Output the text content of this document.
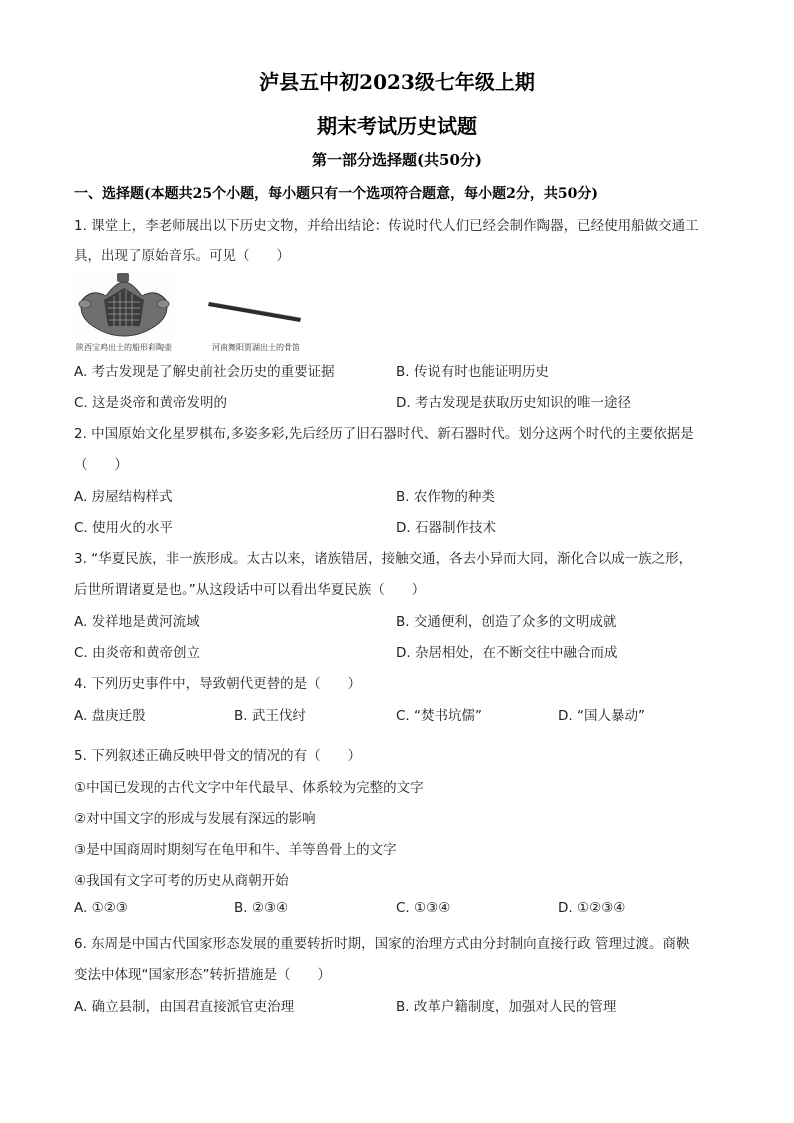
泸县五中初2023级七年级上期
期末考试历史试题
第一部分选择题(共50分)
一、选择题(本题共25个小题，每小题只有一个选项符合题意，每小题2分，共50分)
1. 课堂上，李老师展出以下历史文物，并给出结论：传说时代人们已经会制作陶器，已经使用船做交通工
具，出现了原始音乐。可见（　　）
陕西宝鸡出土的船形彩陶壶	河南舞阳贾湖出土的骨笛
A. 考古发现是了解史前社会历史的重要证据	B. 传说有时也能证明历史
C. 这是炎帝和黄帝发明的	D. 考古发现是获取历史知识的唯一途径
2. 中国原始文化星罗棋布,多姿多彩,先后经历了旧石器时代、新石器时代。划分这两个时代的主要依据是
（　　）
A. 房屋结构样式	B. 农作物的种类
C. 使用火的水平	D. 石器制作技术
3. “华夏民族，非一族形成。太古以来，诸族错居，接触交通，各去小异而大同，渐化合以成一族之形，
后世所谓诸夏是也。”从这段话中可以看出华夏民族（　　）
A. 发祥地是黄河流域	B. 交通便利，创造了众多的文明成就
C. 由炎帝和黄帝创立	D. 杂居相处，在不断交往中融合而成
4. 下列历史事件中，导致朝代更替的是（　　）
A. 盘庚迁殷	B. 武王伐纣	C. “焚书坑儒”	D. “国人暴动”
5. 下列叙述正确反映甲骨文的情况的有（　　）
①中国已发现的古代文字中年代最早、体系较为完整的文字
②对中国文字的形成与发展有深远的影响
③是中国商周时期刻写在龟甲和牛、羊等兽骨上的文字
④我国有文字可考的历史从商朝开始
A. ①②③	B. ②③④	C. ①③④	D. ①②③④
6. 东周是中国古代国家形态发展的重要转折时期，国家的治理方式由分封制向直接行政 管理过渡。商鞅
变法中体现“国家形态”转折措施是（　　）
A. 确立县制，由国君直接派官吏治理	B. 改革户籍制度，加强对人民的管理
